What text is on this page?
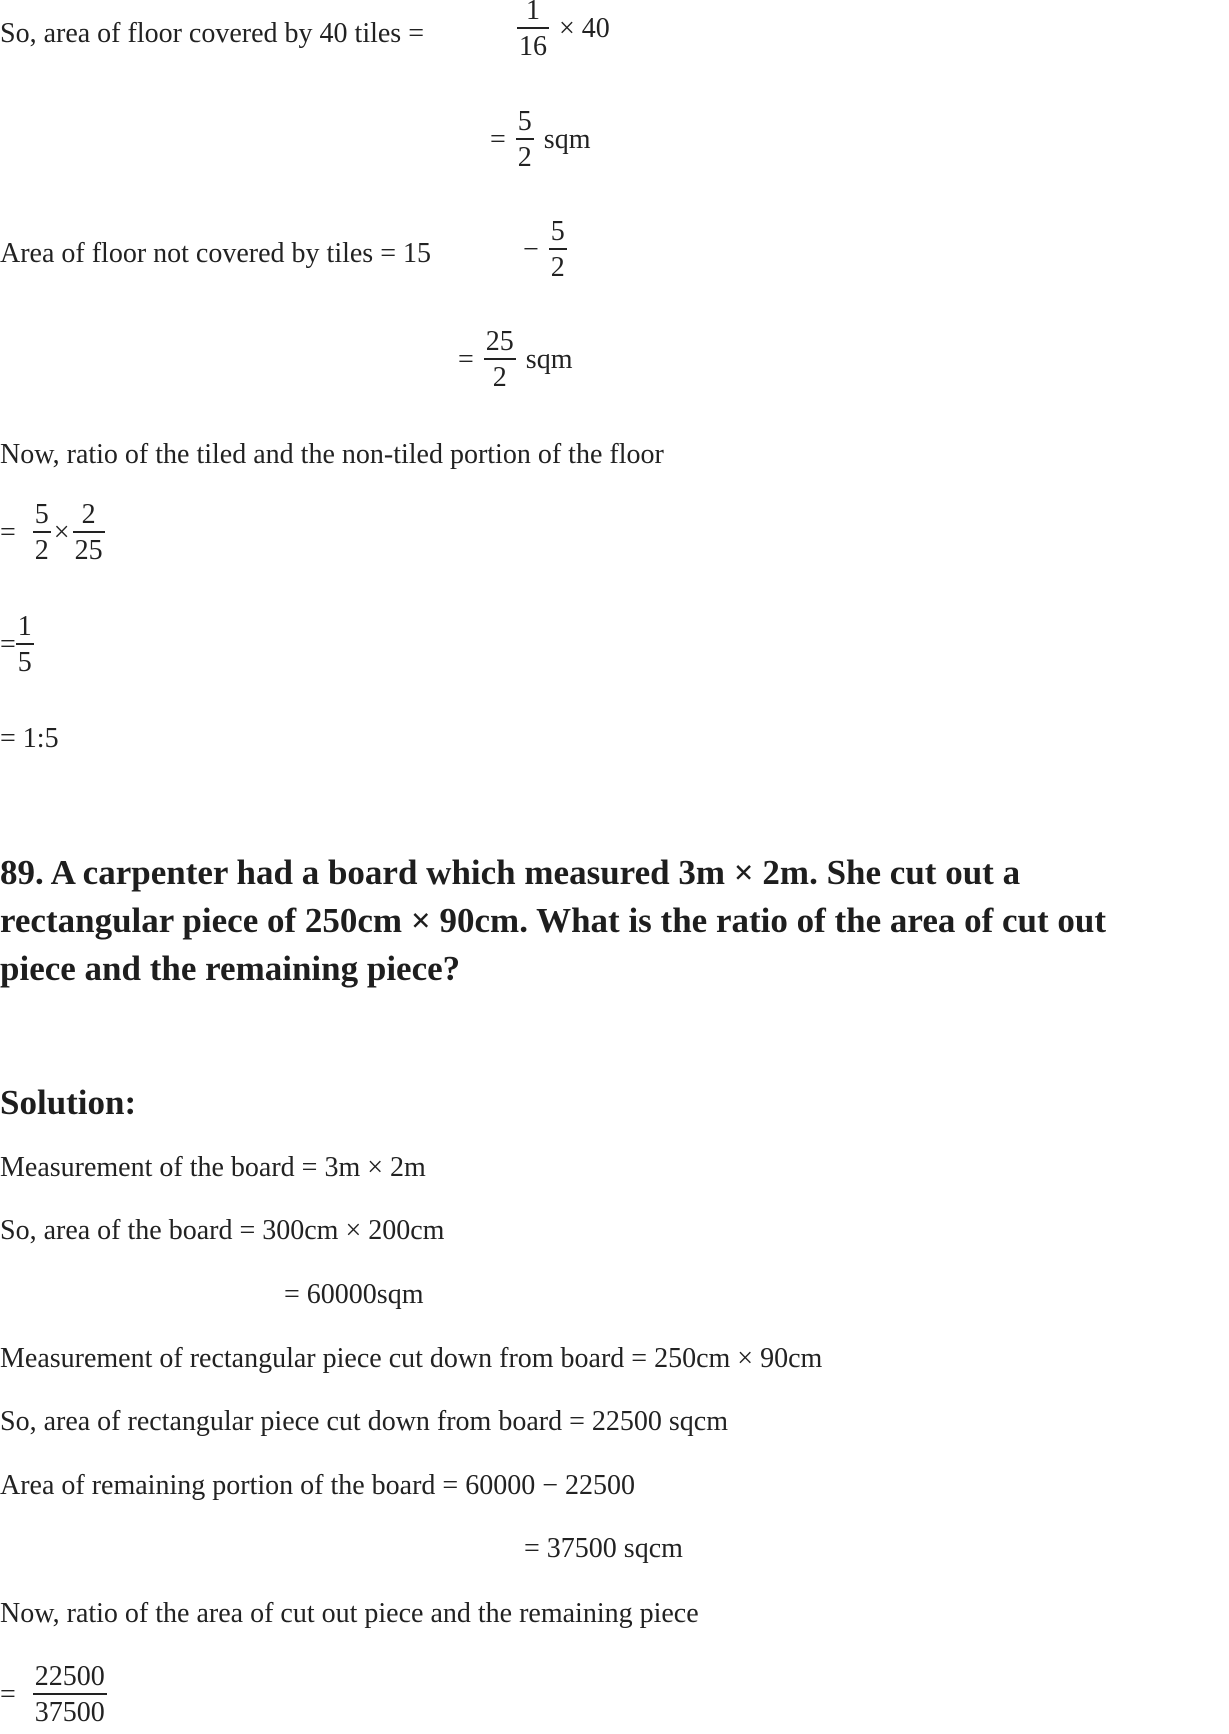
So, area of floor covered by 40 tiles =	$\frac{1}{16} \times 40$
= $\frac{5}{2}$ sqm
Area of floor not covered by tiles = 15	− $\frac{5}{2}$
= $\frac{25}{2}$ sqm
Now, ratio of the tiled and the non-tiled portion of the floor
= $\frac{5}{2} \times \frac{2}{25}$
= $\frac{1}{5}$
= 1:5
89. A carpenter had a board which measured 3m × 2m. She cut out a
rectangular piece of 250cm × 90cm. What is the ratio of the area of cut out
piece and the remaining piece?
Solution:
Measurement of the board = 3m × 2m
So, area of the board = 300cm × 200cm
= 60000sqm
Measurement of rectangular piece cut down from board = 250cm × 90cm
So, area of rectangular piece cut down from board = 22500 sqcm
Area of remaining portion of the board = 60000 − 22500
= 37500 sqcm
Now, ratio of the area of cut out piece and the remaining piece
= $\frac{22500}{37500}$
